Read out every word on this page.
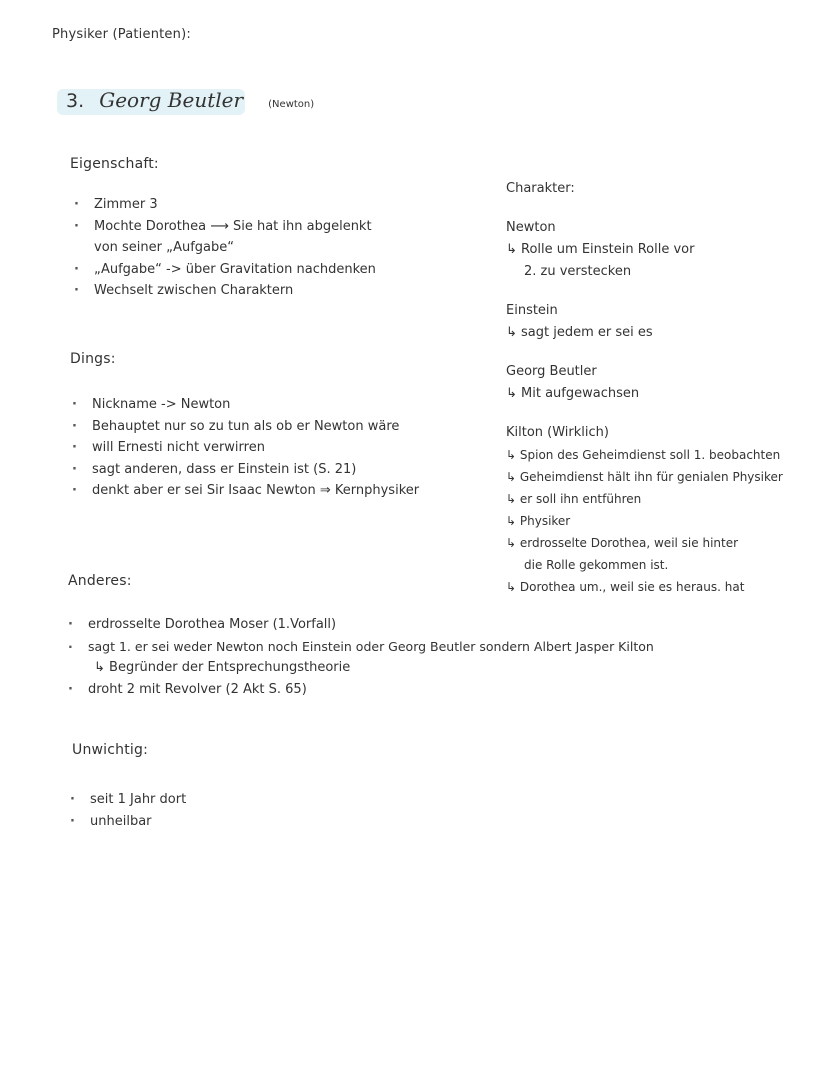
Physiker (Patienten):
3. Georg Beutler	(Newton)
Eigenschaft:
· Zimmer 3
· Mochte Dorothea ⟶ Sie hat ihn abgelenkt
von seiner „Aufgabe“
· „Aufgabe“ -> über Gravitation nachdenken
· Wechselt zwischen Charaktern
Dings:
· Nickname -> Newton
· Behauptet nur so zu tun als ob er Newton wäre
· will Ernesti nicht verwirren
· sagt anderen, dass er Einstein ist (S. 21)
· denkt aber er sei Sir Isaac Newton ⇒ Kernphysiker
Anderes:
· erdrosselte Dorothea Moser (1.Vorfall)
· sagt 1. er sei weder Newton noch Einstein oder Georg Beutler sondern Albert Jasper Kilton
↳ Begründer der Entsprechungstheorie
· droht 2 mit Revolver (2 Akt S. 65)
Unwichtig:
· seit 1 Jahr dort
· unheilbar
Charakter:
Newton
↳ Rolle um Einstein Rolle vor
2. zu verstecken
Einstein
↳ sagt jedem er sei es
Georg Beutler
↳ Mit aufgewachsen
Kilton (Wirklich)
↳ Spion des Geheimdienst soll 1. beobachten
↳ Geheimdienst hält ihn für genialen Physiker
↳ er soll ihn entführen
↳ Physiker
↳ erdrosselte Dorothea, weil sie hinter
die Rolle gekommen ist.
↳ Dorothea um., weil sie es heraus. hat
